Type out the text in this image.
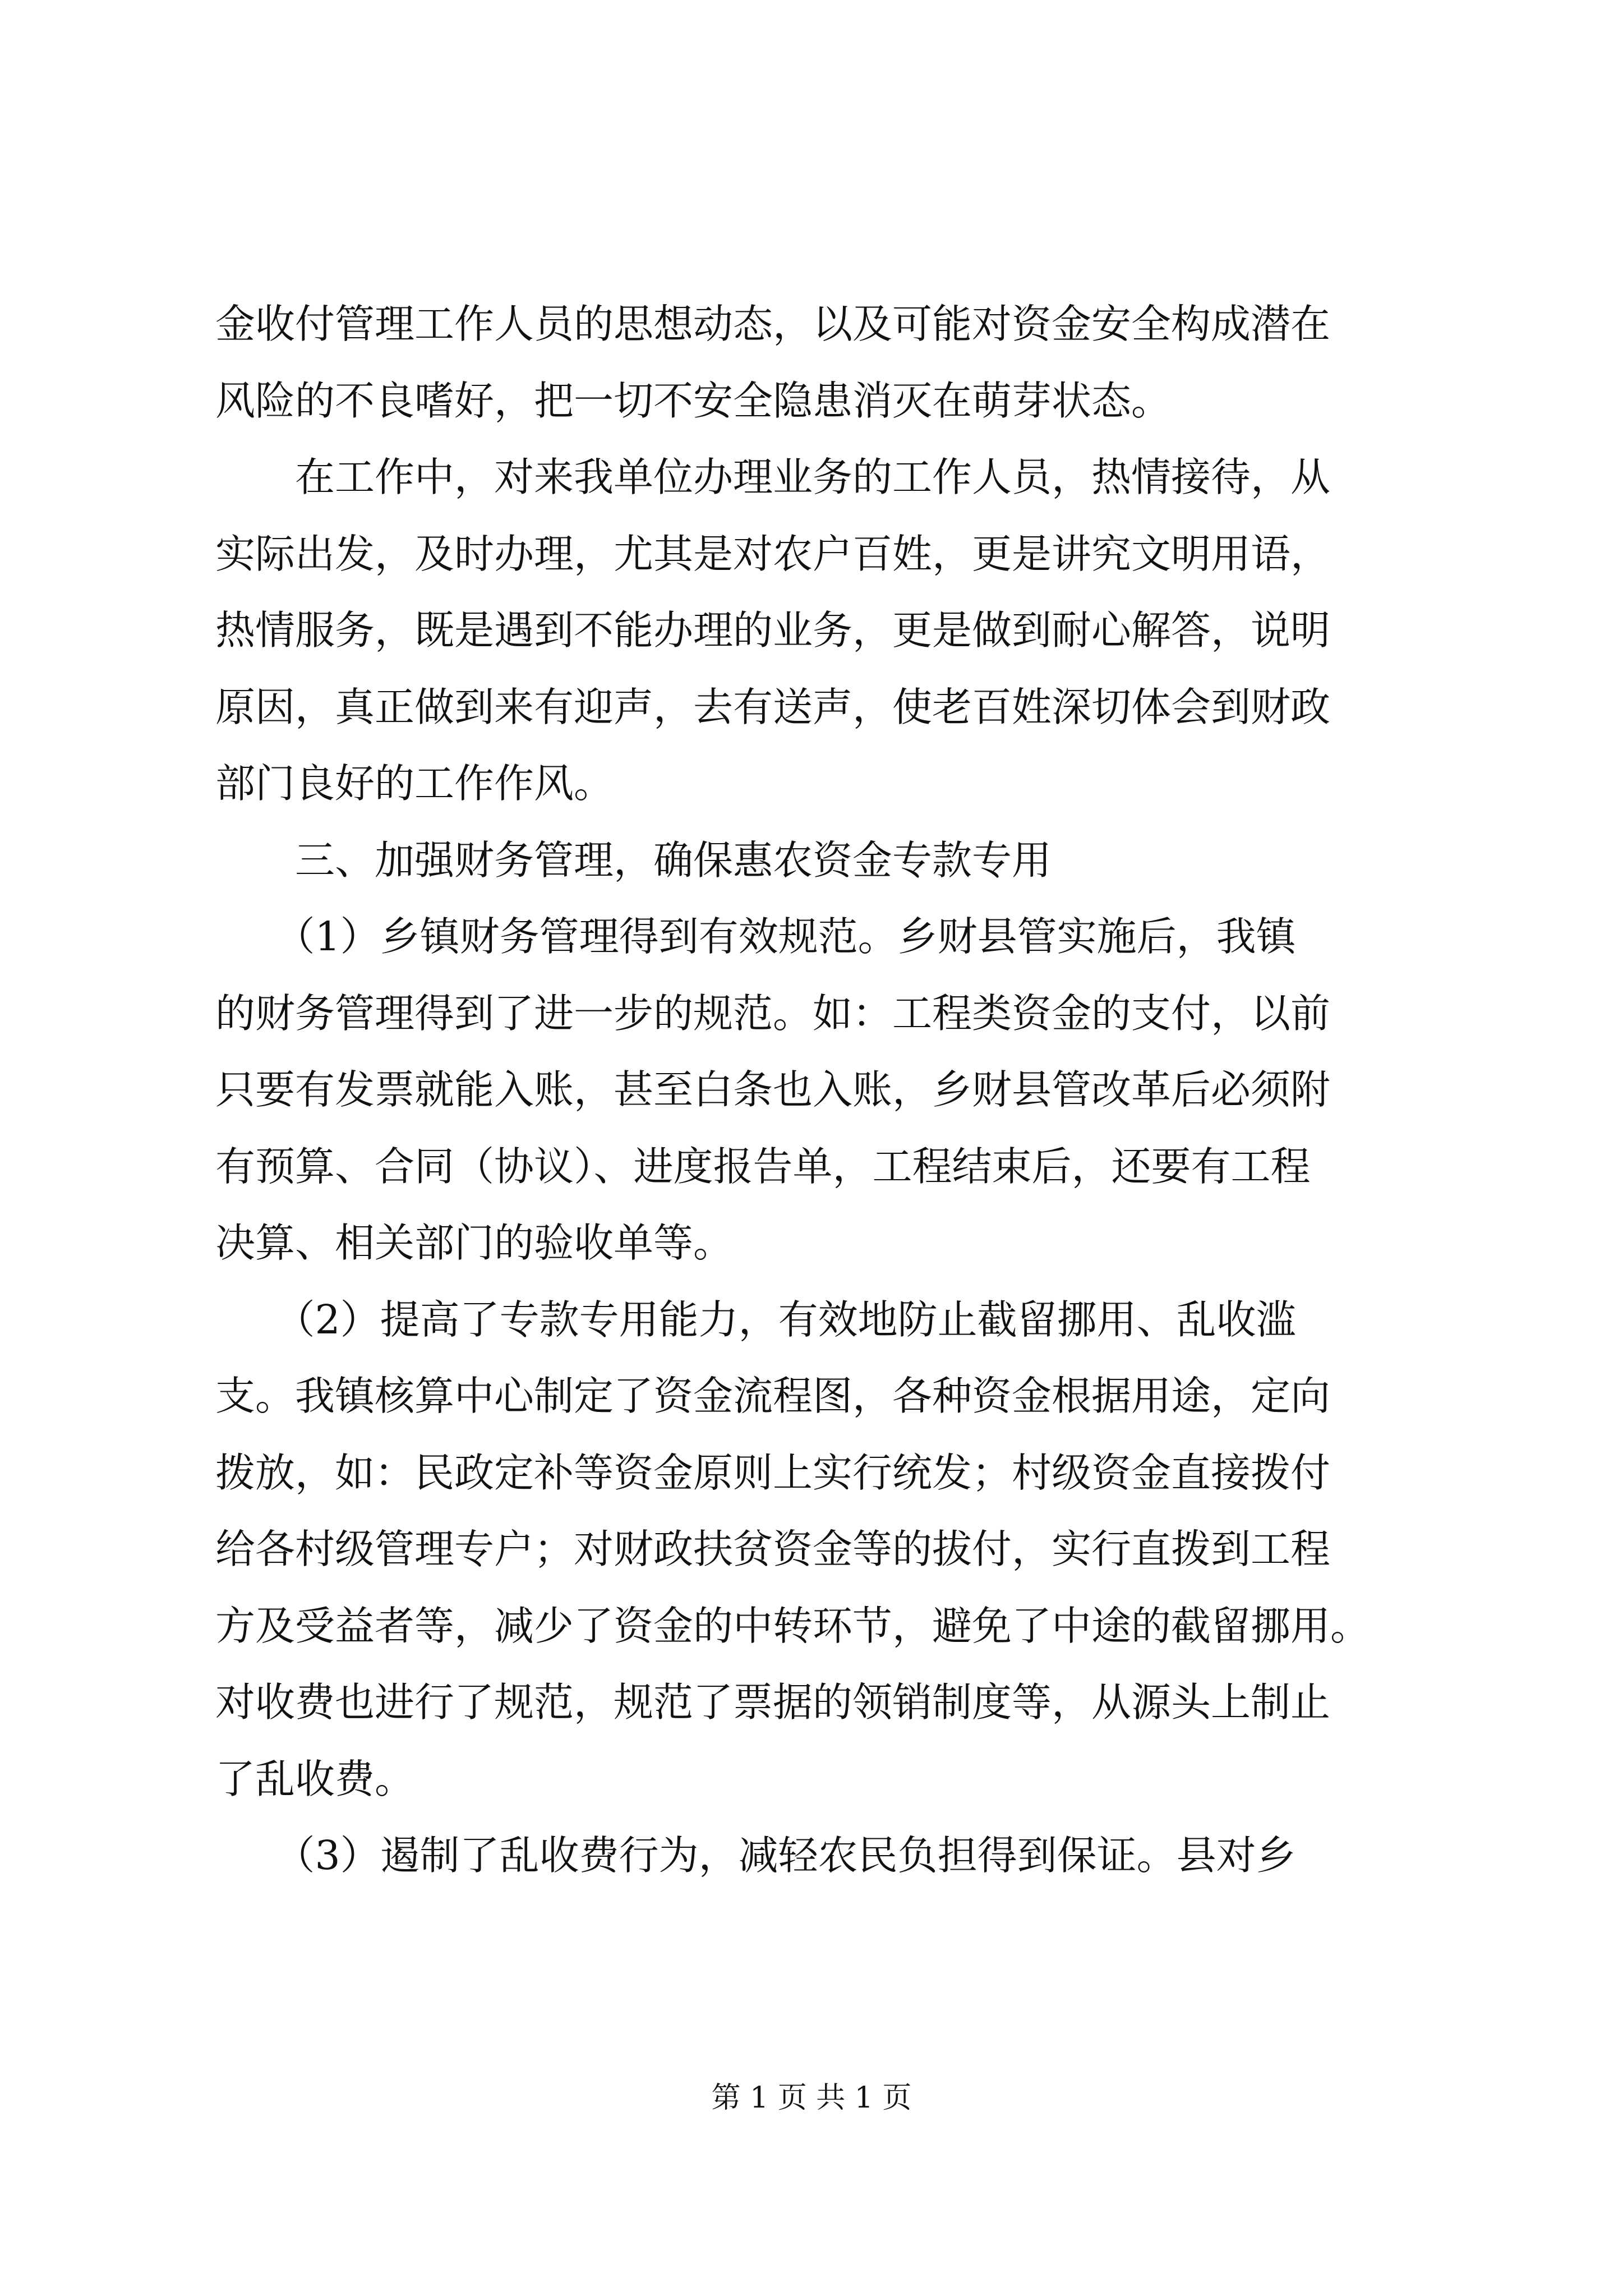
金收付管理工作人员的思想动态，以及可能对资金安全构成潜在
风险的不良嗜好，把一切不安全隐患消灭在萌芽状态。
　　在工作中，对来我单位办理业务的工作人员，热情接待，从
实际出发，及时办理，尤其是对农户百姓，更是讲究文明用语，
热情服务，既是遇到不能办理的业务，更是做到耐心解答，说明
原因，真正做到来有迎声，去有送声，使老百姓深切体会到财政
部门良好的工作作风。
　　三、加强财务管理，确保惠农资金专款专用
　　（1）乡镇财务管理得到有效规范。乡财县管实施后，我镇
的财务管理得到了进一步的规范。如：工程类资金的支付，以前
只要有发票就能入账，甚至白条也入账，乡财县管改革后必须附
有预算、合同（协议）、进度报告单，工程结束后，还要有工程
决算、相关部门的验收单等。
　　（2）提高了专款专用能力，有效地防止截留挪用、乱收滥
支。我镇核算中心制定了资金流程图，各种资金根据用途，定向
拨放，如：民政定补等资金原则上实行统发；村级资金直接拨付
给各村级管理专户；对财政扶贫资金等的拔付，实行直拨到工程
方及受益者等，减少了资金的中转环节，避免了中途的截留挪用。
对收费也进行了规范，规范了票据的领销制度等，从源头上制止
了乱收费。
　　（3）遏制了乱收费行为，减轻农民负担得到保证。县对乡
第 1 页 共 1 页
